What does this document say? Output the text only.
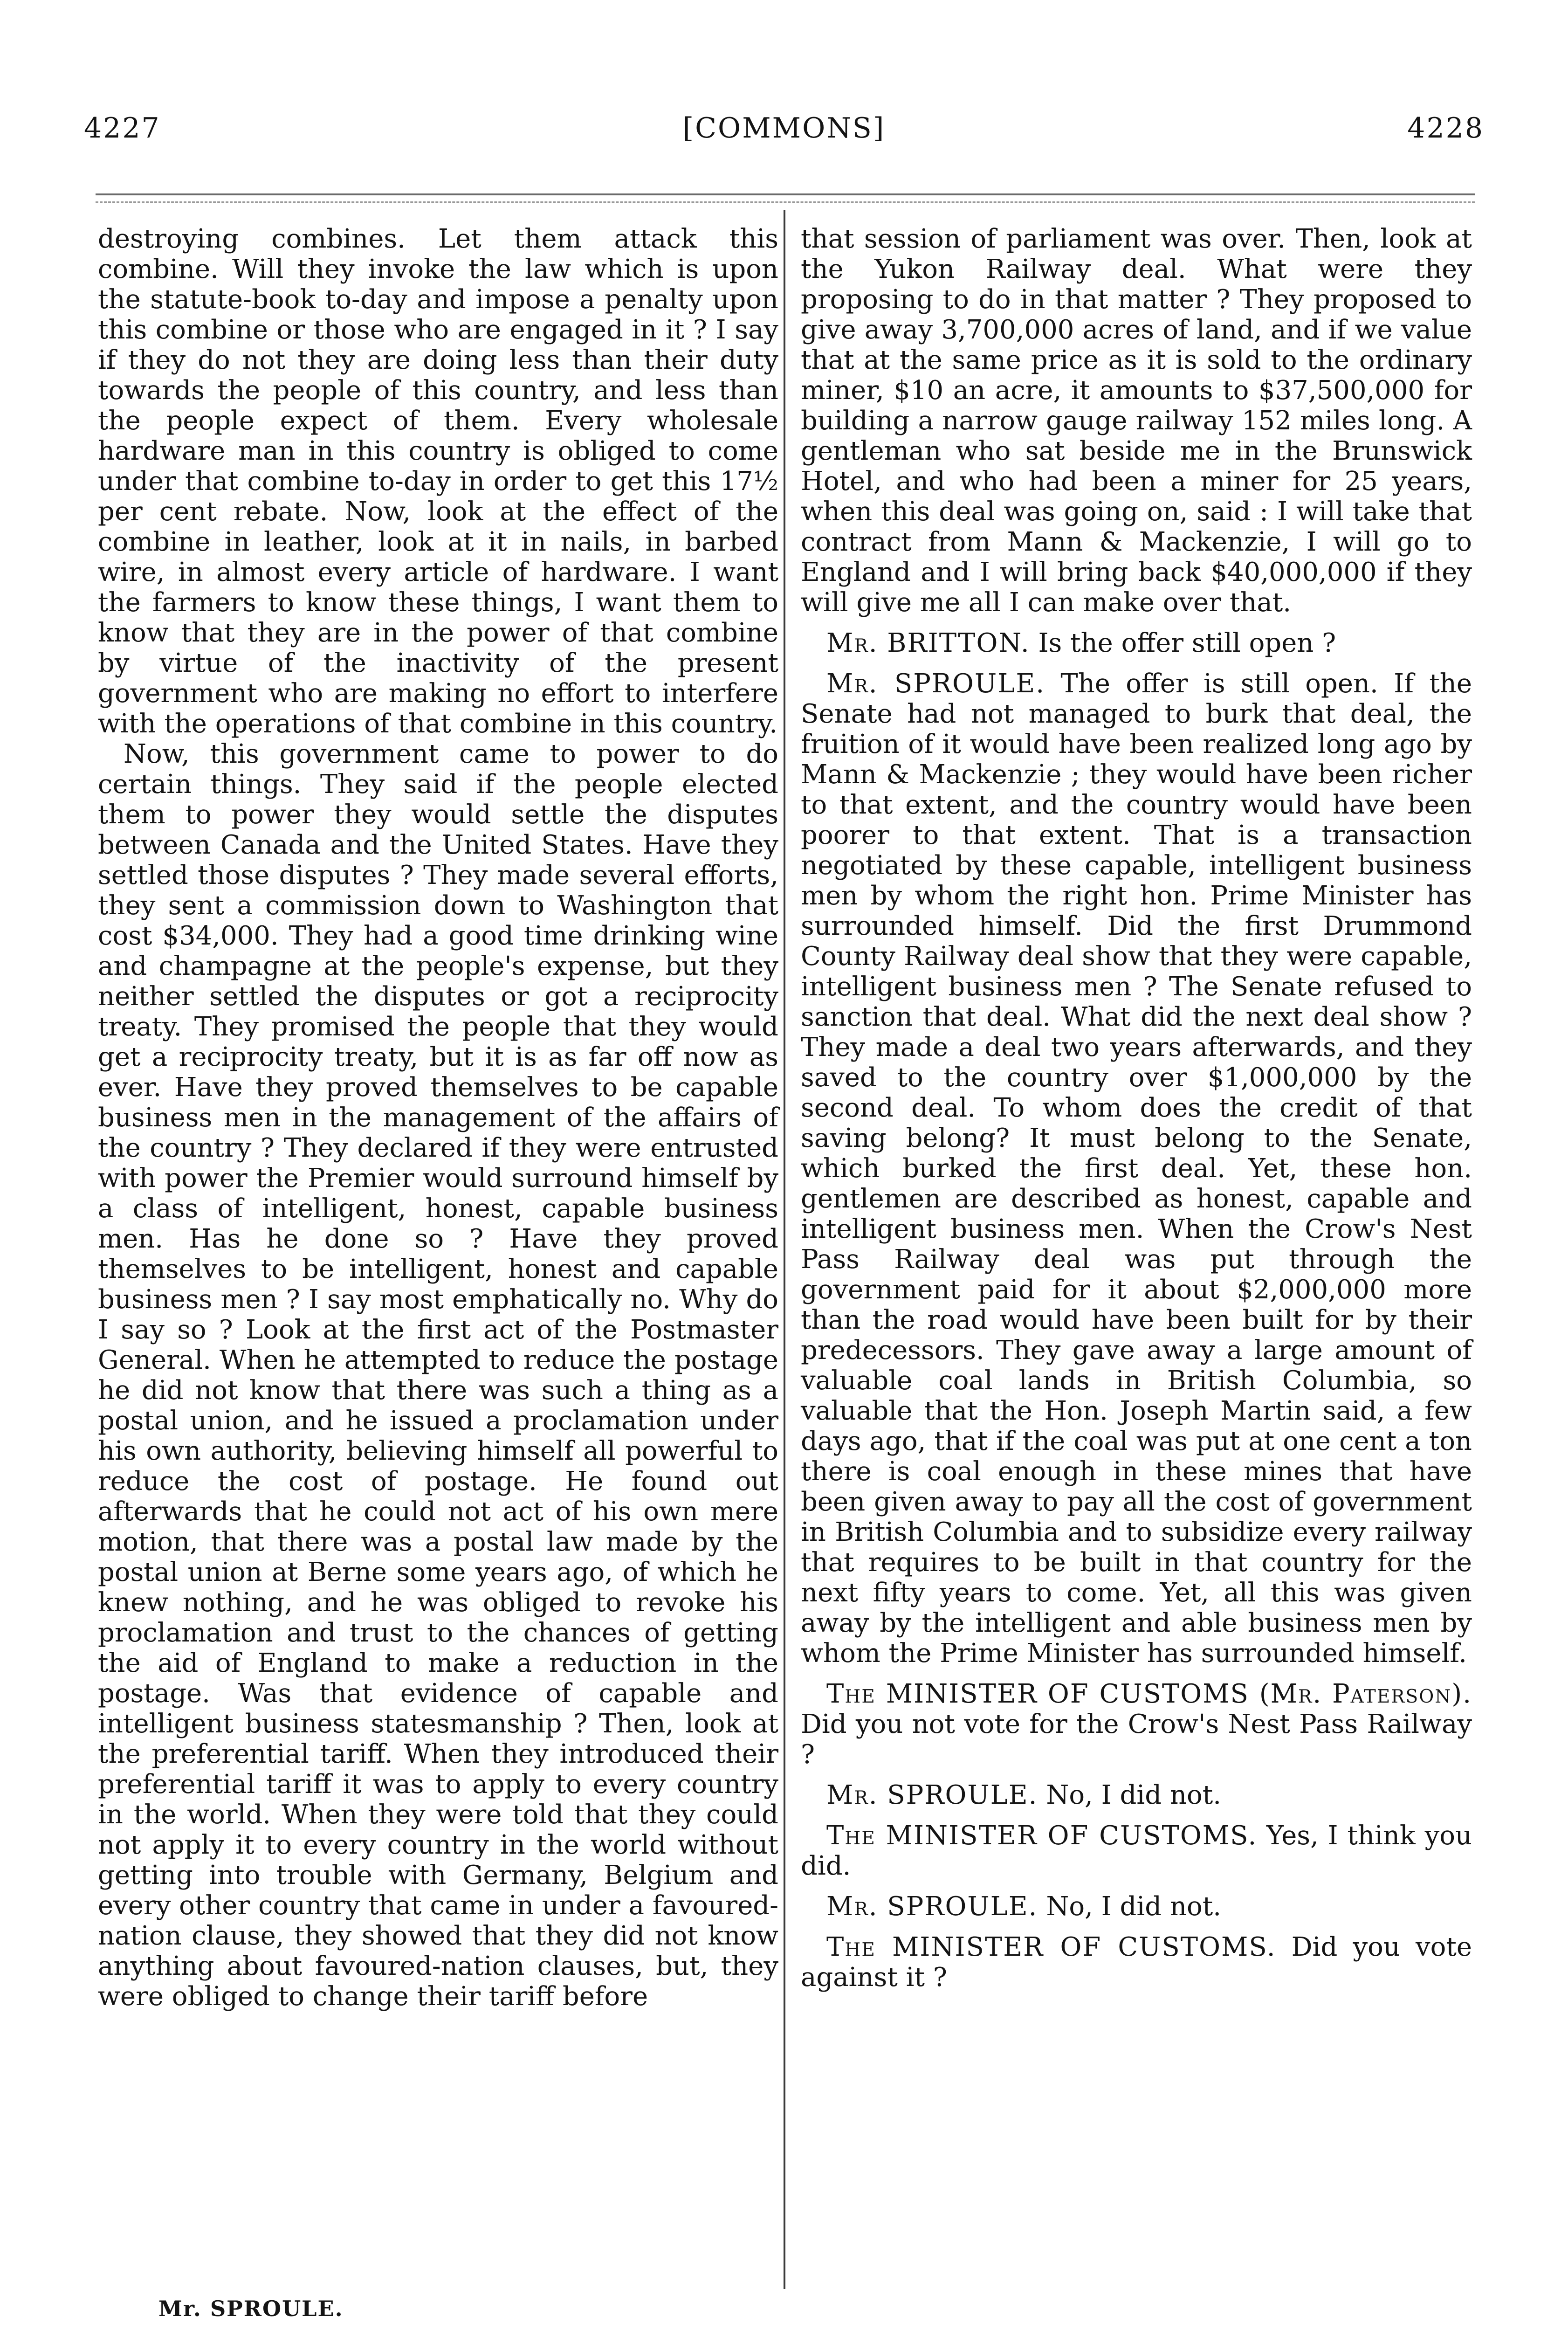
4227	[COMMONS]	4228

destroying combines. Let them attack this combine. Will they invoke the law which is upon the statute-book to-day and impose a penalty upon this combine or those who are engaged in it ? I say if they do not they are doing less than their duty towards the people of this country, and less than the people expect of them. Every wholesale hardware man in this country is obliged to come under that combine to-day in order to get this 17½ per cent rebate. Now, look at the effect of the combine in leather, look at it in nails, in barbed wire, in almost every article of hardware. I want the farmers to know these things, I want them to know that they are in the power of that combine by virtue of the inactivity of the present government who are making no effort to interfere with the operations of that combine in this country.

Now, this government came to power to do certain things. They said if the people elected them to power they would settle the disputes between Canada and the United States. Have they settled those disputes ? They made several efforts, they sent a commission down to Washington that cost $34,000. They had a good time drinking wine and champagne at the people's expense, but they neither settled the disputes or got a reciprocity treaty. They promised the people that they would get a reciprocity treaty, but it is as far off now as ever. Have they proved themselves to be capable business men in the management of the affairs of the country ? They declared if they were entrusted with power the Premier would surround himself by a class of intelligent, honest, capable business men. Has he done so ? Have they proved themselves to be intelligent, honest and capable business men ? I say most emphatically no. Why do I say so ? Look at the first act of the Postmaster General. When he attempted to reduce the postage he did not know that there was such a thing as a postal union, and he issued a proclamation under his own authority, believing himself all powerful to reduce the cost of postage. He found out afterwards that he could not act of his own mere motion, that there was a postal law made by the postal union at Berne some years ago, of which he knew nothing, and he was obliged to revoke his proclamation and trust to the chances of getting the aid of England to make a reduction in the postage. Was that evidence of capable and intelligent business statesmanship ? Then, look at the preferential tariff. When they introduced their preferential tariff it was to apply to every country in the world. When they were told that they could not apply it to every country in the world without getting into trouble with Germany, Belgium and every other country that came in under a favoured-nation clause, they showed that they did not know anything about favoured-nation clauses, but, they were obliged to change their tariff before

that session of parliament was over. Then, look at the Yukon Railway deal. What were they proposing to do in that matter ? They proposed to give away 3,700,000 acres of land, and if we value that at the same price as it is sold to the ordinary miner, $10 an acre, it amounts to $37,500,000 for building a narrow gauge railway 152 miles long. A gentleman who sat beside me in the Brunswick Hotel, and who had been a miner for 25 years, when this deal was going on, said : I will take that contract from Mann & Mackenzie, I will go to England and I will bring back $40,000,000 if they will give me all I can make over that.

Mr. BRITTON. Is the offer still open ?

Mr. SPROULE. The offer is still open. If the Senate had not managed to burk that deal, the fruition of it would have been realized long ago by Mann & Mackenzie ; they would have been richer to that extent, and the country would have been poorer to that extent. That is a transaction negotiated by these capable, intelligent business men by whom the right hon. Prime Minister has surrounded himself. Did the first Drummond County Railway deal show that they were capable, intelligent business men ? The Senate refused to sanction that deal. What did the next deal show ? They made a deal two years afterwards, and they saved to the country over $1,000,000 by the second deal. To whom does the credit of that saving belong? It must belong to the Senate, which burked the first deal. Yet, these hon. gentlemen are described as honest, capable and intelligent business men. When the Crow's Nest Pass Railway deal was put through the government paid for it about $2,000,000 more than the road would have been built for by their predecessors. They gave away a large amount of valuable coal lands in British Columbia, so valuable that the Hon. Joseph Martin said, a few days ago, that if the coal was put at one cent a ton there is coal enough in these mines that have been given away to pay all the cost of government in British Columbia and to subsidize every railway that requires to be built in that country for the next fifty years to come. Yet, all this was given away by the intelligent and able business men by whom the Prime Minister has surrounded himself.

The MINISTER OF CUSTOMS (Mr. Paterson). Did you not vote for the Crow's Nest Pass Railway ?

Mr. SPROULE. No, I did not.

The MINISTER OF CUSTOMS. Yes, I think you did.

Mr. SPROULE. No, I did not.

The MINISTER OF CUSTOMS. Did you vote against it ?

Mr. SPROULE.
